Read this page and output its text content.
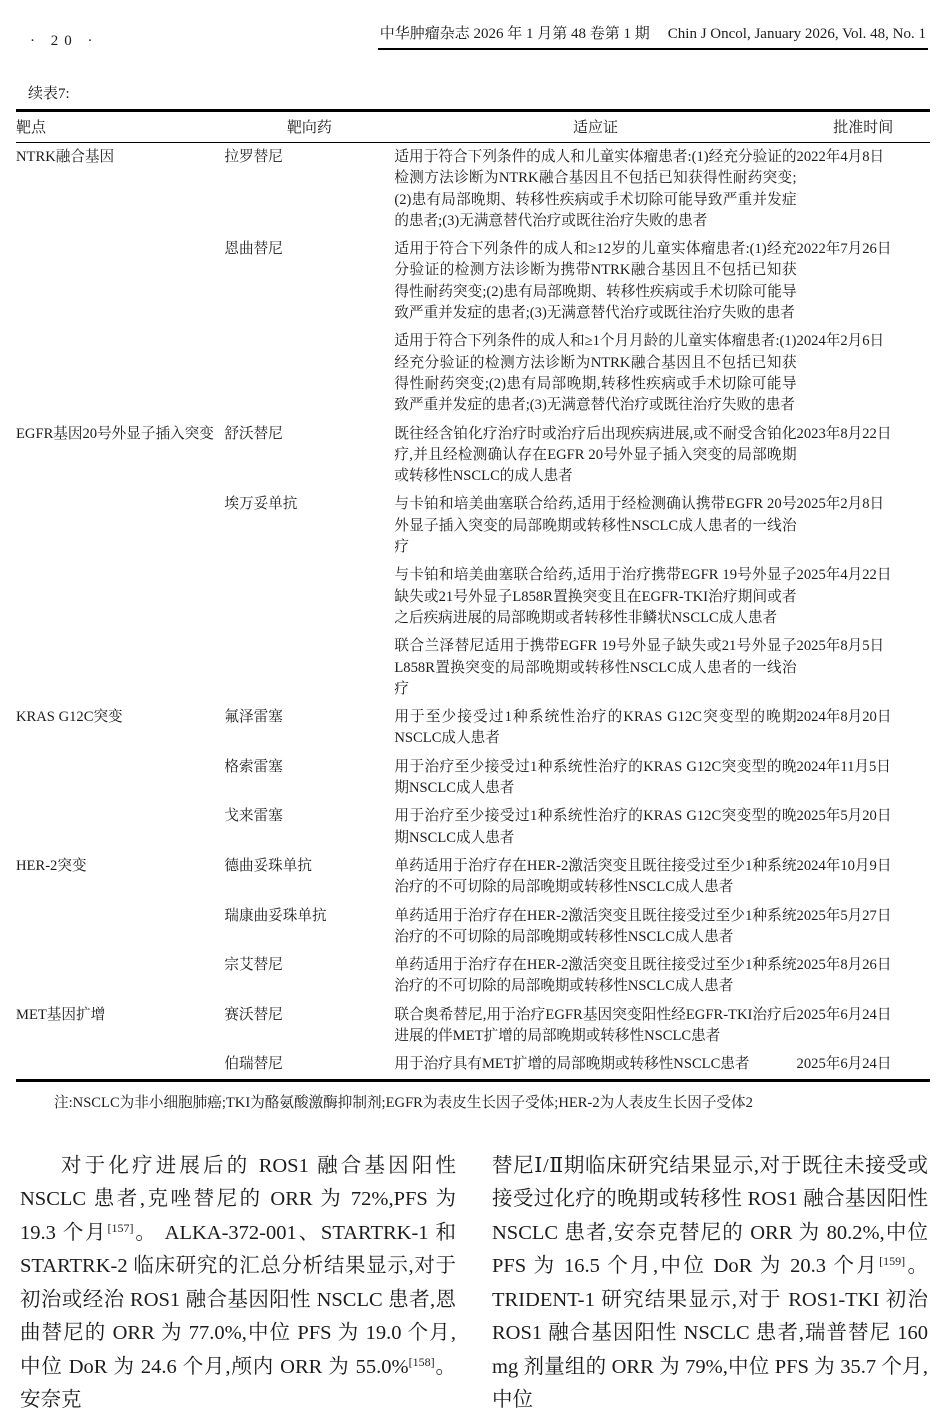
· 20 ·	中华肿瘤杂志 2026 年 1 月第 48 卷第 1 期 Chin J Oncol, January 2026, Vol. 48, No. 1
续表7:
靶点	靶向药	适应证	批准时间
NTRK融合基因	拉罗替尼	适用于符合下列条件的成人和儿童实体瘤患者:(1)经充分验证的检测方法诊断为NTRK融合基因且不包括已知获得性耐药突变;(2)患有局部晚期、转移性疾病或手术切除可能导致严重并发症的患者;(3)无满意替代治疗或既往治疗失败的患者	2022年4月8日
	恩曲替尼	适用于符合下列条件的成人和≥12岁的儿童实体瘤患者:(1)经充分验证的检测方法诊断为携带NTRK融合基因且不包括已知获得性耐药突变;(2)患有局部晚期、转移性疾病或手术切除可能导致严重并发症的患者;(3)无满意替代治疗或既往治疗失败的患者	2022年7月26日
		适用于符合下列条件的成人和≥1个月月龄的儿童实体瘤患者:(1)经充分验证的检测方法诊断为NTRK融合基因且不包括已知获得性耐药突变;(2)患有局部晚期,转移性疾病或手术切除可能导致严重并发症的患者;(3)无满意替代治疗或既往治疗失败的患者	2024年2月6日
EGFR基因20号外显子插入突变	舒沃替尼	既往经含铂化疗治疗时或治疗后出现疾病进展,或不耐受含铂化疗,并且经检测确认存在EGFR 20号外显子插入突变的局部晚期或转移性NSCLC的成人患者	2023年8月22日
	埃万妥单抗	与卡铂和培美曲塞联合给药,适用于经检测确认携带EGFR 20号外显子插入突变的局部晚期或转移性NSCLC成人患者的一线治疗	2025年2月8日
		与卡铂和培美曲塞联合给药,适用于治疗携带EGFR 19号外显子缺失或21号外显子L858R置换突变且在EGFR-TKI治疗期间或者之后疾病进展的局部晚期或者转移性非鳞状NSCLC成人患者	2025年4月22日
		联合兰泽替尼适用于携带EGFR 19号外显子缺失或21号外显子L858R置换突变的局部晚期或转移性NSCLC成人患者的一线治疗	2025年8月5日
KRAS G12C突变	氟泽雷塞	用于至少接受过1种系统性治疗的KRAS G12C突变型的晚期NSCLC成人患者	2024年8月20日
	格索雷塞	用于治疗至少接受过1种系统性治疗的KRAS G12C突变型的晚期NSCLC成人患者	2024年11月5日
	戈来雷塞	用于治疗至少接受过1种系统性治疗的KRAS G12C突变型的晚期NSCLC成人患者	2025年5月20日
HER-2突变	德曲妥珠单抗	单药适用于治疗存在HER-2激活突变且既往接受过至少1种系统治疗的不可切除的局部晚期或转移性NSCLC成人患者	2024年10月9日
	瑞康曲妥珠单抗	单药适用于治疗存在HER-2激活突变且既往接受过至少1种系统治疗的不可切除的局部晚期或转移性NSCLC成人患者	2025年5月27日
	宗艾替尼	单药适用于治疗存在HER-2激活突变且既往接受过至少1种系统治疗的不可切除的局部晚期或转移性NSCLC成人患者	2025年8月26日
MET基因扩增	赛沃替尼	联合奥希替尼,用于治疗EGFR基因突变阳性经EGFR-TKI治疗后进展的伴MET扩增的局部晚期或转移性NSCLC患者	2025年6月24日
	伯瑞替尼	用于治疗具有MET扩增的局部晚期或转移性NSCLC患者	2025年6月24日
注:NSCLC为非小细胞肺癌;TKI为酪氨酸激酶抑制剂;EGFR为表皮生长因子受体;HER-2为人表皮生长因子受体2

对于化疗进展后的 ROS1 融合基因阳性 NSCLC 患者,克唑替尼的 ORR 为 72%,PFS 为 19.3 个月[157]。 ALKA-372-001、STARTRK-1 和 STARTRK-2 临床研究的汇总分析结果显示,对于初治或经治 ROS1 融合基因阳性 NSCLC 患者,恩曲替尼的 ORR 为 77.0%,中位 PFS 为 19.0 个月,中位 DoR 为 24.6 个月,颅内 ORR 为 55.0%[158]。安奈克

替尼Ⅰ/Ⅱ期临床研究结果显示,对于既往未接受或接受过化疗的晚期或转移性 ROS1 融合基因阳性 NSCLC 患者,安奈克替尼的 ORR 为 80.2%,中位 PFS 为 16.5 个月,中位 DoR 为 20.3 个月[159]。TRIDENT-1 研究结果显示,对于 ROS1-TKI 初治 ROS1 融合基因阳性 NSCLC 患者,瑞普替尼 160 mg 剂量组的 ORR 为 79%,中位 PFS 为 35.7 个月,中位
